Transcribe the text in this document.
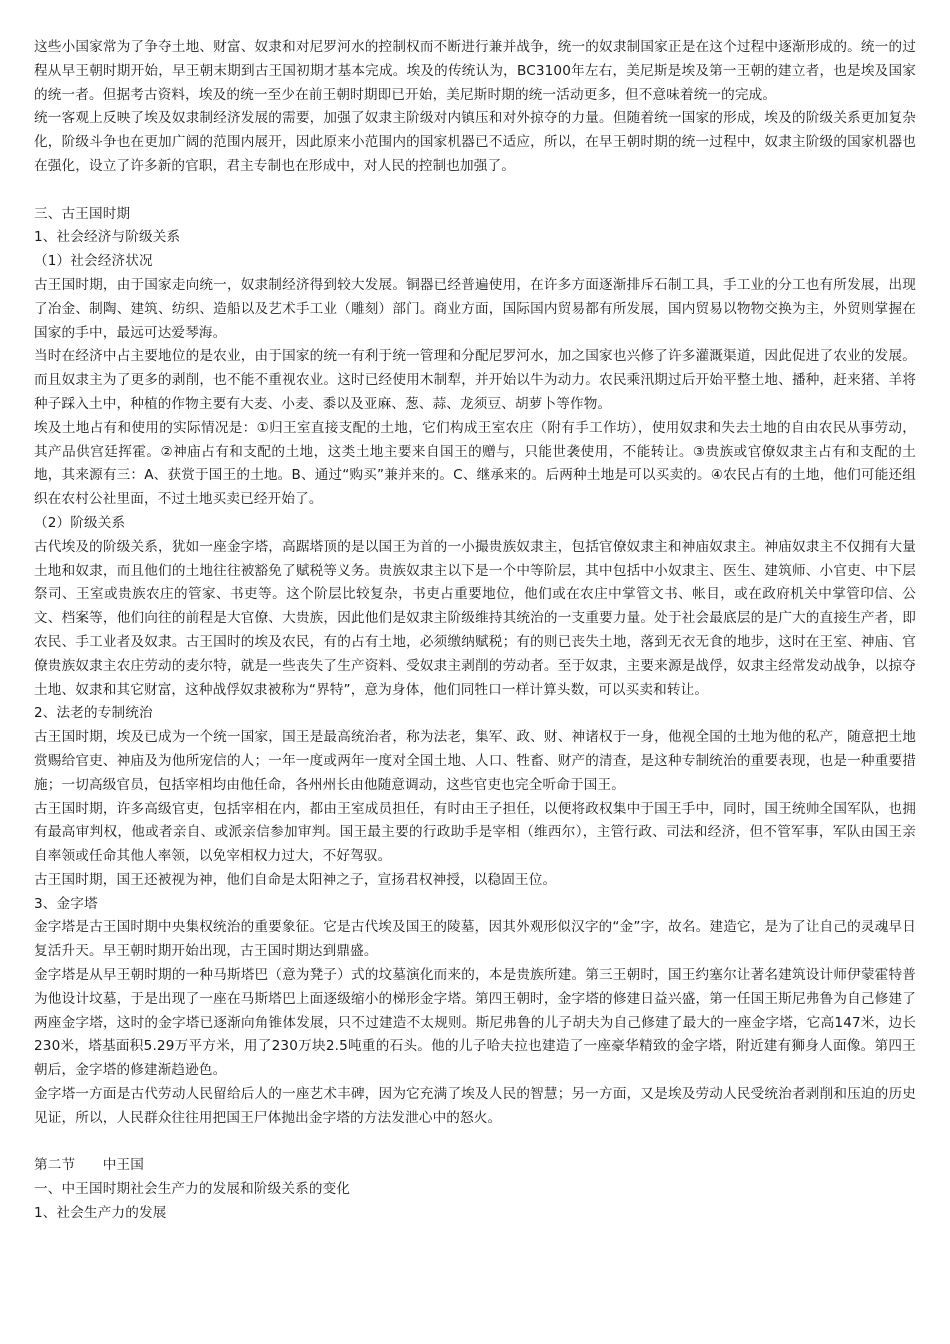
这些小国家常为了争夺土地、财富、奴隶和对尼罗河水的控制权而不断进行兼并战争，统一的奴隶制国家正是在这个过程中逐渐形成的。统一的过程从早王朝时期开始，早王朝末期到古王国初期才基本完成。埃及的传统认为，BC3100年左右，美尼斯是埃及第一王朝的建立者，也是埃及国家的统一者。但据考古资料，埃及的统一至少在前王朝时期即已开始，美尼斯时期的统一活动更多，但不意味着统一的完成。

统一客观上反映了埃及奴隶制经济发展的需要，加强了奴隶主阶级对内镇压和对外掠夺的力量。但随着统一国家的形成，埃及的阶级关系更加复杂化，阶级斗争也在更加广阔的范围内展开，因此原来小范围内的国家机器已不适应，所以，在早王朝时期的统一过程中，奴隶主阶级的国家机器也在强化，设立了许多新的官职，君主专制也在形成中，对人民的控制也加强了。

三、古王国时期

1、社会经济与阶级关系

（1）社会经济状况

古王国时期，由于国家走向统一，奴隶制经济得到较大发展。铜器已经普遍使用，在许多方面逐渐排斥石制工具，手工业的分工也有所发展，出现了冶金、制陶、建筑、纺织、造船以及艺术手工业（雕刻）部门。商业方面，国际国内贸易都有所发展，国内贸易以物物交换为主，外贸则掌握在国家的手中，最远可达爱琴海。

当时在经济中占主要地位的是农业，由于国家的统一有利于统一管理和分配尼罗河水，加之国家也兴修了许多灌溉渠道，因此促进了农业的发展。而且奴隶主为了更多的剥削，也不能不重视农业。这时已经使用木制犁，并开始以牛为动力。农民乘汛期过后开始平整土地、播种，赶来猪、羊将种子踩入土中，种植的作物主要有大麦、小麦、黍以及亚麻、葱、蒜、龙须豆、胡萝卜等作物。

埃及土地占有和使用的实际情况是：①归王室直接支配的土地，它们构成王室农庄（附有手工作坊），使用奴隶和失去土地的自由农民从事劳动，其产品供宫廷挥霍。②神庙占有和支配的土地，这类土地主要来自国王的赠与，只能世袭使用，不能转让。③贵族或官僚奴隶主占有和支配的土地，其来源有三：A、获赏于国王的土地。B、通过“购买”兼并来的。C、继承来的。后两种土地是可以买卖的。④农民占有的土地，他们可能还组织在农村公社里面，不过土地买卖已经开始了。

（2）阶级关系

古代埃及的阶级关系，犹如一座金字塔，高踞塔顶的是以国王为首的一小撮贵族奴隶主，包括官僚奴隶主和神庙奴隶主。神庙奴隶主不仅拥有大量土地和奴隶，而且他们的土地往往被豁免了赋税等义务。贵族奴隶主以下是一个中等阶层，其中包括中小奴隶主、医生、建筑师、小官吏、中下层祭司、王室或贵族农庄的管家、书吏等。这个阶层比较复杂，书吏占重要地位，他们或在农庄中掌管文书、帐目，或在政府机关中掌管印信、公文、档案等，他们向往的前程是大官僚、大贵族，因此他们是奴隶主阶级维持其统治的一支重要力量。处于社会最底层的是广大的直接生产者，即农民、手工业者及奴隶。古王国时的埃及农民，有的占有土地，必须缴纳赋税；有的则已丧失土地，落到无衣无食的地步，这时在王室、神庙、官僚贵族奴隶主农庄劳动的麦尔特，就是一些丧失了生产资料、受奴隶主剥削的劳动者。至于奴隶，主要来源是战俘，奴隶主经常发动战争，以掠夺土地、奴隶和其它财富，这种战俘奴隶被称为“界特”，意为身体，他们同牲口一样计算头数，可以买卖和转让。

2、法老的专制统治

古王国时期，埃及已成为一个统一国家，国王是最高统治者，称为法老，集军、政、财、神诸权于一身，他视全国的土地为他的私产，随意把土地赏赐给官吏、神庙及为他所宠信的人；一年一度或两年一度对全国土地、人口、牲畜、财产的清查，是这种专制统治的重要表现，也是一种重要措施；一切高级官员，包括宰相均由他任命，各州州长由他随意调动，这些官吏也完全听命于国王。

古王国时期，许多高级官吏，包括宰相在内，都由王室成员担任，有时由王子担任，以便将政权集中于国王手中，同时，国王统帅全国军队，也拥有最高审判权，他或者亲自、或派亲信参加审判。国王最主要的行政助手是宰相（维西尔），主管行政、司法和经济，但不管军事，军队由国王亲自率领或任命其他人率领，以免宰相权力过大，不好驾驭。

古王国时期，国王还被视为神，他们自命是太阳神之子，宣扬君权神授，以稳固王位。

3、金字塔

金字塔是古王国时期中央集权统治的重要象征。它是古代埃及国王的陵墓，因其外观形似汉字的“金”字，故名。建造它，是为了让自己的灵魂早日复活升天。早王朝时期开始出现，古王国时期达到鼎盛。

金字塔是从早王朝时期的一种马斯塔巴（意为凳子）式的坟墓演化而来的，本是贵族所建。第三王朝时，国王约塞尔让著名建筑设计师伊蒙霍特普为他设计坟墓，于是出现了一座在马斯塔巴上面逐级缩小的梯形金字塔。第四王朝时，金字塔的修建日益兴盛，第一任国王斯尼弗鲁为自己修建了两座金字塔，这时的金字塔已逐渐向角锥体发展，只不过建造不太规则。斯尼弗鲁的儿子胡夫为自己修建了最大的一座金字塔，它高147米，边长230米，塔基面积5.29万平方米，用了230万块2.5吨重的石头。他的儿子哈夫拉也建造了一座豪华精致的金字塔，附近建有狮身人面像。第四王朝后，金字塔的修建渐趋逊色。

金字塔一方面是古代劳动人民留给后人的一座艺术丰碑，因为它充满了埃及人民的智慧；另一方面，又是埃及劳动人民受统治者剥削和压迫的历史见证，所以，人民群众往往用把国王尸体抛出金字塔的方法发泄心中的怒火。

第二节　　中王国

一、中王国时期社会生产力的发展和阶级关系的变化

1、社会生产力的发展
